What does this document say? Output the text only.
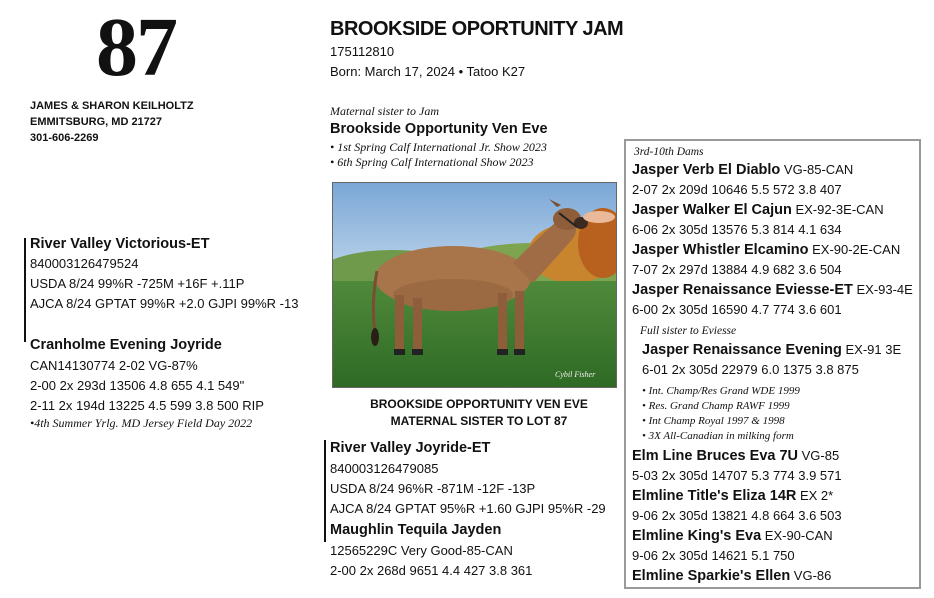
87
JAMES & SHARON KEILHOLTZ
EMMITSBURG, MD 21727
301-606-2269
BROOKSIDE OPORTUNITY JAM
175112810
Born: March 17, 2024 • Tatoo K27
Maternal sister to Jam
Brookside Opportunity Ven Eve
• 1st Spring Calf International Jr. Show 2023
• 6th Spring Calf International Show 2023
Cybil Fisher
BROOKSIDE OPPORTUNITY VEN EVE
MATERNAL SISTER TO LOT 87
River Valley Victorious-ET
840003126479524
USDA 8/24 99%R -725M +16F +.11P
AJCA 8/24 GPTAT 99%R +2.0 GJPI 99%R -13
Cranholme Evening Joyride
CAN14130774 2-02 VG-87%
2-00 2x 293d 13506 4.8 655 4.1 549"
2-11 2x 194d 13225 4.5 599 3.8 500 RIP
•4th Summer Yrlg. MD Jersey Field Day 2022
River Valley Joyride-ET
840003126479085
USDA 8/24 96%R -871M -12F -13P
AJCA 8/24 GPTAT 95%R +1.60 GJPI 95%R -29
Maughlin Tequila Jayden
12565229C Very Good-85-CAN
2-00 2x 268d 9651 4.4 427 3.8 361
3rd-10th Dams
Jasper Verb El Diablo VG-85-CAN
2-07 2x 209d 10646 5.5 572 3.8 407
Jasper Walker El Cajun EX-92-3E-CAN
6-06 2x 305d 13576 5.3 814 4.1 634
Jasper Whistler Elcamino EX-90-2E-CAN
7-07 2x 297d 13884 4.9 682 3.6 504
Jasper Renaissance Eviesse-ET EX-93-4E
6-00 2x 305d 16590 4.7 774 3.6 601
Full sister to Eviesse
Jasper Renaissance Evening EX-91 3E
6-01 2x 305d 22979 6.0 1375 3.8 875
• Int. Champ/Res Grand WDE 1999
• Res. Grand Champ RAWF 1999
• Int Champ Royal 1997 & 1998
• 3X All-Canadian in milking form
Elm Line Bruces Eva 7U VG-85
5-03 2x 305d 14707 5.3 774 3.9 571
Elmline Title's Eliza 14R EX 2*
9-06 2x 305d 13821 4.8 664 3.6 503
Elmline King's Eva EX-90-CAN
9-06 2x 305d 14621 5.1 750
Elmline Sparkie's Ellen VG-86
